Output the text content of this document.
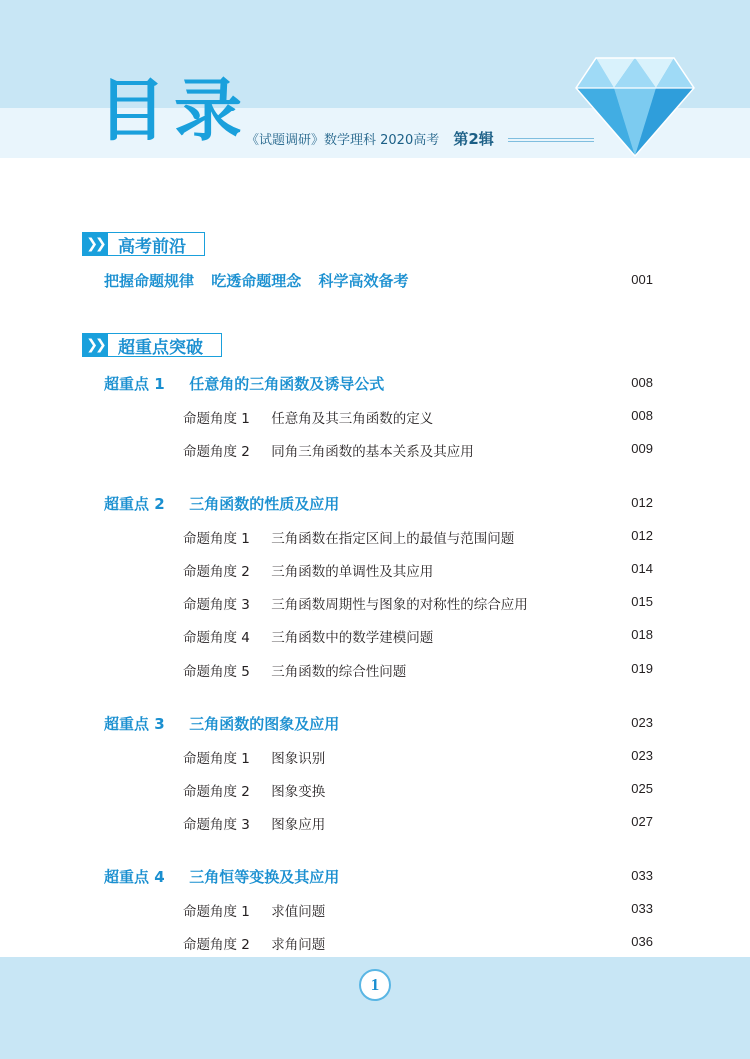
目录
《试题调研》数学理科 2020高考 第2辑
❯❯ 高考前沿
把握命题规律 吃透命题理念 科学高效备考	001
❯❯ 超重点突破
超重点 1 任意角的三角函数及诱导公式	008
命题角度 1 任意角及其三角函数的定义	008
命题角度 2 同角三角函数的基本关系及其应用	009
超重点 2 三角函数的性质及应用	012
命题角度 1 三角函数在指定区间上的最值与范围问题	012
命题角度 2 三角函数的单调性及其应用	014
命题角度 3 三角函数周期性与图象的对称性的综合应用	015
命题角度 4 三角函数中的数学建模问题	018
命题角度 5 三角函数的综合性问题	019
超重点 3 三角函数的图象及应用	023
命题角度 1 图象识别	023
命题角度 2 图象变换	025
命题角度 3 图象应用	027
超重点 4 三角恒等变换及其应用	033
命题角度 1 求值问题	033
命题角度 2 求角问题	036
1
